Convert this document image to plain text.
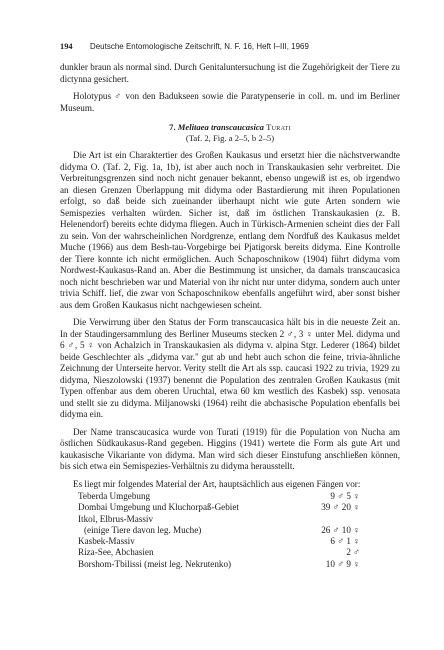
194	Deutsche Entomologische Zeitschrift, N. F. 16, Heft I–III, 1969

dunkler braun als normal sind. Durch Genitaluntersuchung ist die Zugehörigkeit der Tiere zu dictynna gesichert.

Holotypus ♂ von den Badukseen sowie die Paratypenserie in coll. m. und im Berliner Museum.

7. Melitaea transcaucasica Turati
(Taf. 2, Fig. a 2–5, b 2–5)

Die Art ist ein Charaktertier des Großen Kaukasus und ersetzt hier die nächstverwandte didyma O. (Taf. 2, Fig. 1a, 1b), ist aber auch noch in Transkaukasien sehr verbreitet. Die Verbreitungsgrenzen sind noch nicht genauer bekannt, ebenso ungewiß ist es, ob irgendwo an diesen Grenzen Überlappung mit didyma oder Bastardierung mit ihren Populationen erfolgt, so daß beide sich zueinander überhaupt nicht wie gute Arten sondern wie Semispezies verhalten würden. Sicher ist, daß im östlichen Transkaukasien (z. B. Helenendorf) bereits echte didyma fliegen. Auch in Türkisch-Armenien scheint dies der Fall zu sein. Von der wahrscheinlichen Nordgrenze, entlang dem Nordfuß des Kaukasus meldet Muche (1966) aus dem Besh-tau-Vorgebirge bei Pjatigorsk bereits didyma. Eine Kontrolle der Tiere konnte ich nicht ermöglichen. Auch Schaposchnikow (1904) führt didyma vom Nordwest-Kaukasus-Rand an. Aber die Bestimmung ist unsicher, da damals transcaucasica noch nicht beschrieben war und Material von ihr nicht nur unter didyma, sondern auch unter trivia Schiff. lief, die zwar von Schaposchnikow ebenfalls angeführt wird, aber sonst bisher aus dem Großen Kaukasus nicht nachgewiesen scheint.

Die Verwirrung über den Status der Form transcaucasica hält bis in die neueste Zeit an. In der Staudingersammlung des Berliner Museums stecken 2 ♂, 3 ♀ unter Mel. didyma und 6 ♂, 5 ♀ von Achalzich in Transkaukasien als didyma v. alpina Stgr. Lederer (1864) bildet beide Geschlechter als „didyma var." gut ab und hebt auch schon die feine, trivia-ähnliche Zeichnung der Unterseite hervor. Verity stellt die Art als ssp. caucasi 1922 zu trivia, 1929 zu didyma, Nieszolowski (1937) benennt die Population des zentralen Großen Kaukasus (mit Typen offenbar aus dem oberen Uruchtal, etwa 60 km westlich des Kasbek) ssp. venosata und stellt sie zu didyma. Miljanowski (1964) reiht die abchasische Population ebenfalls bei didyma ein.

Der Name transcaucasica wurde von Turati (1919) für die Population von Nucha am östlichen Südkaukasus-Rand gegeben. Higgins (1941) wertete die Form als gute Art und kaukasische Vikariante von didyma. Man wird sich dieser Einstufung anschließen können, bis sich etwa ein Semispezies-Verhältnis zu didyma herausstellt.

Es liegt mir folgendes Material der Art, hauptsächlich aus eigenen Fängen vor:

Teberda Umgebung	9 ♂ 5 ♀
Dombai Umgebung und Kluchorpaß-Gebiet	39 ♂ 20 ♀
Itkol, Elbrus-Massiv	
(einige Tiere davon leg. Muche)	26 ♂ 10 ♀
Kasbek-Massiv	6 ♂ 1 ♀
Riza-See, Abchasien	2 ♂
Borshom-Tbilissi (meist leg. Nekrutenko)	10 ♂ 9 ♀
